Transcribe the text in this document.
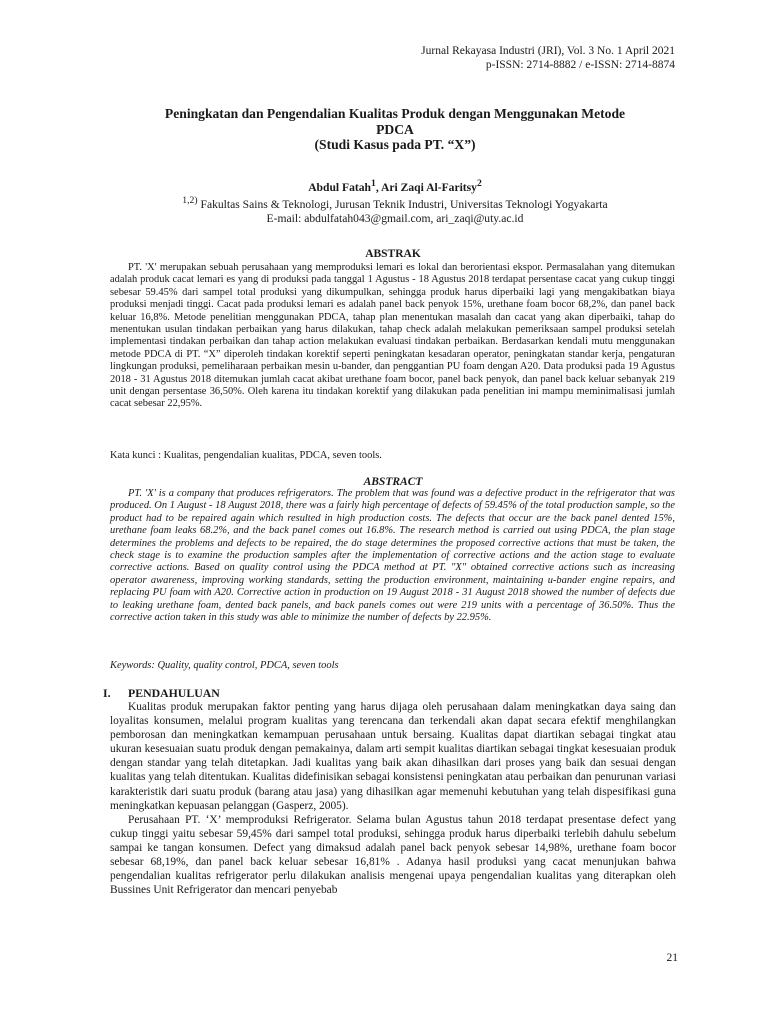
Jurnal Rekayasa Industri (JRI), Vol. 3 No. 1 April 2021
p-ISSN: 2714-8882 / e-ISSN: 2714-8874
Peningkatan dan Pengendalian Kualitas Produk dengan Menggunakan Metode
PDCA
(Studi Kasus pada PT. “X”)
Abdul Fatah$^1$, Ari Zaqi Al-Faritsy$^2$
$^{1,2)}$ Fakultas Sains & Teknologi, Jurusan Teknik Industri, Universitas Teknologi Yogyakarta
E-mail: abdulfatah043@gmail.com, ari_zaqi@uty.ac.id
ABSTRAK

PT. 'X' merupakan sebuah perusahaan yang memproduksi lemari es lokal dan berorientasi ekspor. Permasalahan yang ditemukan adalah produk cacat lemari es yang di produksi pada tanggal 1 Agustus - 18 Agustus 2018 terdapat persentase cacat yang cukup tinggi sebesar 59.45% dari sampel total produksi yang dikumpulkan, sehingga produk harus diperbaiki lagi yang mengakibatkan biaya produksi menjadi tinggi. Cacat pada produksi lemari es adalah panel back penyok 15%, urethane foam bocor 68,2%, dan panel back keluar 16,8%. Metode penelitian menggunakan PDCA, tahap plan menentukan masalah dan cacat yang akan diperbaiki, tahap do menentukan usulan tindakan perbaikan yang harus dilakukan, tahap check adalah melakukan pemeriksaan sampel produksi setelah implementasi tindakan perbaikan dan tahap action melakukan evaluasi tindakan perbaikan. Berdasarkan kendali mutu menggunakan metode PDCA di PT. “X” diperoleh tindakan korektif seperti peningkatan kesadaran operator, peningkatan standar kerja, pengaturan lingkungan produksi, pemeliharaan perbaikan mesin u-bander, dan penggantian PU foam dengan A20. Data produksi pada 19 Agustus 2018 - 31 Agustus 2018 ditemukan jumlah cacat akibat urethane foam bocor, panel back penyok, dan panel back keluar sebanyak 219 unit dengan persentase 36,50%. Oleh karena itu tindakan korektif yang dilakukan pada penelitian ini mampu meminimalisasi jumlah cacat sebesar 22,95%.

Kata kunci : Kualitas, pengendalian kualitas, PDCA, seven tools.
ABSTRACT

PT. 'X' is a company that produces refrigerators. The problem that was found was a defective product in the refrigerator that was produced. On 1 August - 18 August 2018, there was a fairly high percentage of defects of 59.45% of the total production sample, so the product had to be repaired again which resulted in high production costs. The defects that occur are the back panel dented 15%, urethane foam leaks 68.2%, and the back panel comes out 16.8%. The research method is carried out using PDCA, the plan stage determines the problems and defects to be repaired, the do stage determines the proposed corrective actions that must be taken, the check stage is to examine the production samples after the implementation of corrective actions and the action stage to evaluate corrective actions. Based on quality control using the PDCA method at PT. "X" obtained corrective actions such as increasing operator awareness, improving working standards, setting the production environment, maintaining u-bander engine repairs, and replacing PU foam with A20. Corrective action in production on 19 August 2018 - 31 August 2018 showed the number of defects due to leaking urethane foam, dented back panels, and back panels comes out were 219 units with a percentage of 36.50%. Thus the corrective action taken in this study was able to minimize the number of defects by 22.95%.

Keywords: Quality, quality control, PDCA, seven tools
I. PENDAHULUAN

Kualitas produk merupakan faktor penting yang harus dijaga oleh perusahaan dalam meningkatkan daya saing dan loyalitas konsumen, melalui program kualitas yang terencana dan terkendali akan dapat secara efektif menghilangkan pemborosan dan meningkatkan kemampuan perusahaan untuk bersaing. Kualitas dapat diartikan sebagai tingkat atau ukuran kesesuaian suatu produk dengan pemakainya, dalam arti sempit kualitas diartikan sebagai tingkat kesesuaian produk dengan standar yang telah ditetapkan. Jadi kualitas yang baik akan dihasilkan dari proses yang baik dan sesuai dengan kualitas yang telah ditentukan. Kualitas didefinisikan sebagai konsistensi peningkatan atau perbaikan dan penurunan variasi karakteristik dari suatu produk (barang atau jasa) yang dihasilkan agar memenuhi kebutuhan yang telah dispesifikasi guna meningkatkan kepuasan pelanggan (Gasperz, 2005).

Perusahaan PT. ‘X’ memproduksi Refrigerator. Selama bulan Agustus tahun 2018 terdapat presentase defect yang cukup tinggi yaitu sebesar 59,45% dari sampel total produksi, sehingga produk harus diperbaiki terlebih dahulu sebelum sampai ke tangan konsumen. Defect yang dimaksud adalah panel back penyok sebesar 14,98%, urethane foam bocor sebesar 68,19%, dan panel back keluar sebesar 16,81% . Adanya hasil produksi yang cacat menunjukan bahwa pengendalian kualitas refrigerator perlu dilakukan analisis mengenai upaya pengendalian kualitas yang diterapkan oleh Bussines Unit Refrigerator dan mencari penyebab

21
